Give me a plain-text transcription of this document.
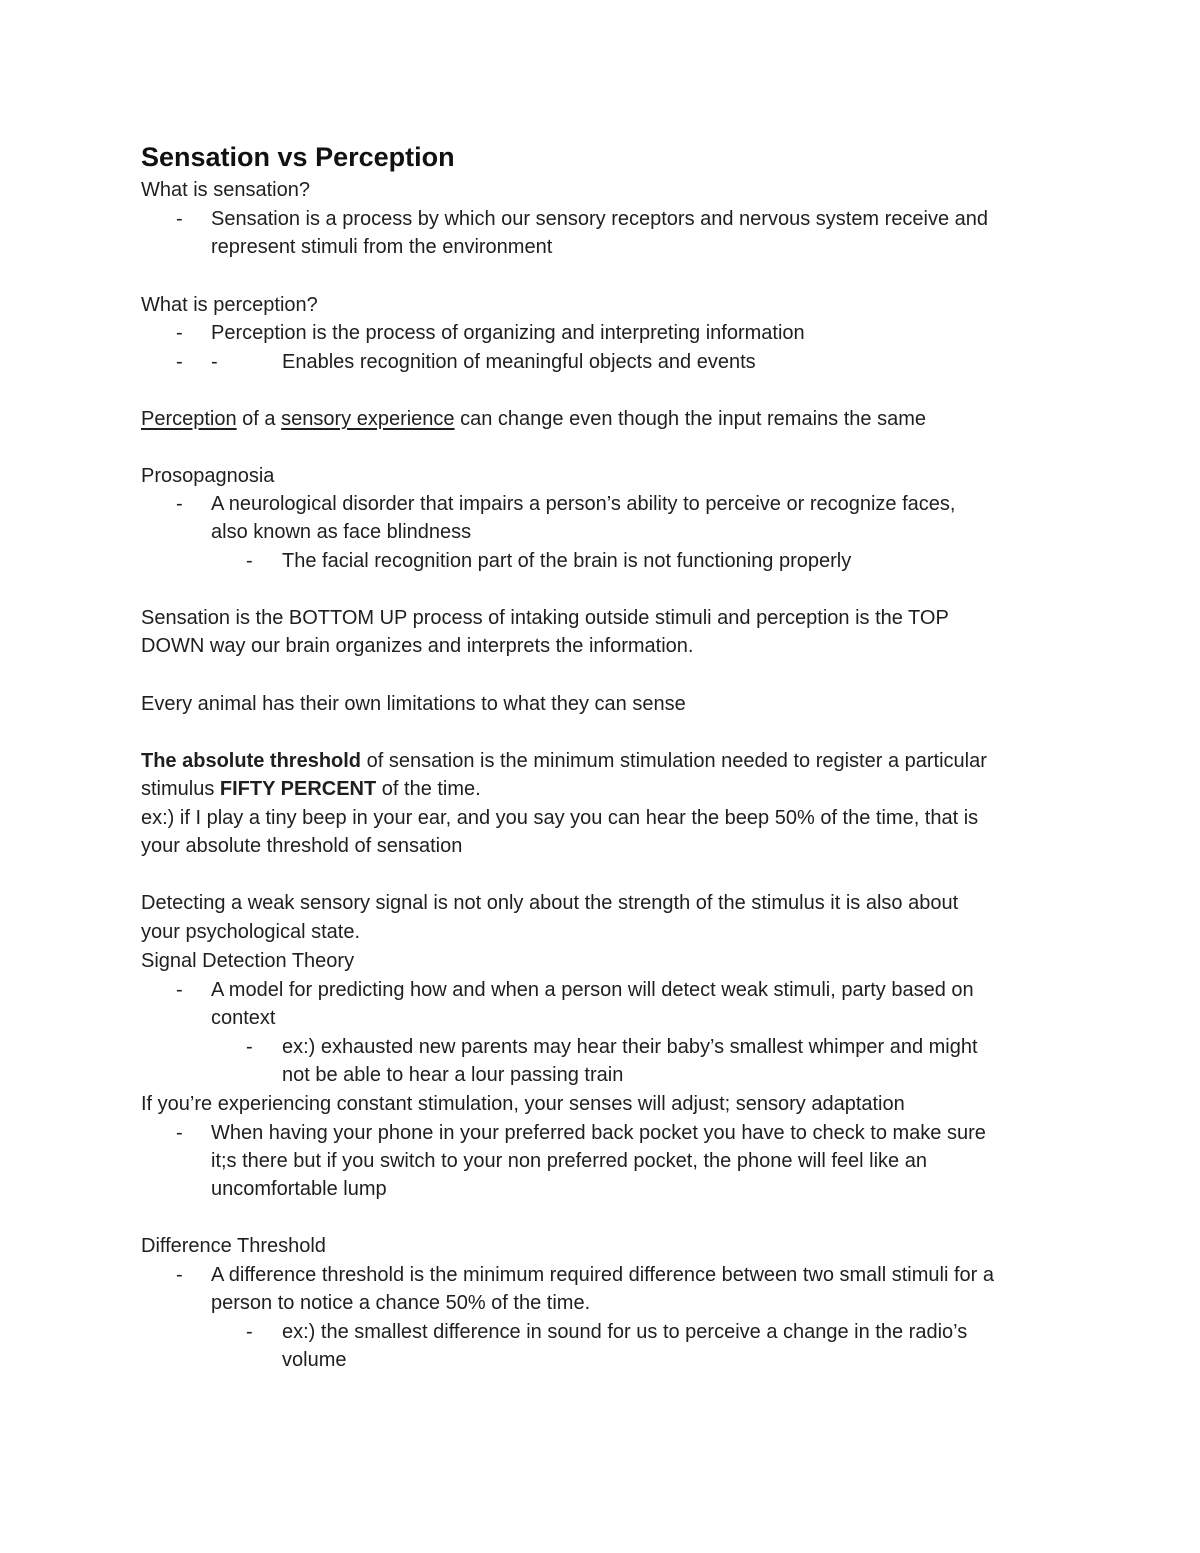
Sensation vs Perception
What is sensation?
- Sensation is a process by which our sensory receptors and nervous system receive and
represent stimuli from the environment
What is perception?
- Perception is the process of organizing and interpreting information
- -	Enables recognition of meaningful objects and events
Perception of a sensory experience can change even though the input remains the same
Prosopagnosia
- A neurological disorder that impairs a person’s ability to perceive or recognize faces,
also known as face blindness
- The facial recognition part of the brain is not functioning properly
Sensation is the BOTTOM UP process of intaking outside stimuli and perception is the TOP
DOWN way our brain organizes and interprets the information.
Every animal has their own limitations to what they can sense
The absolute threshold of sensation is the minimum stimulation needed to register a particular
stimulus FIFTY PERCENT of the time.
ex:) if I play a tiny beep in your ear, and you say you can hear the beep 50% of the time, that is
your absolute threshold of sensation
Detecting a weak sensory signal is not only about the strength of the stimulus it is also about
your psychological state.
Signal Detection Theory
- A model for predicting how and when a person will detect weak stimuli, party based on
context
- ex:) exhausted new parents may hear their baby’s smallest whimper and might
not be able to hear a lour passing train
If you’re experiencing constant stimulation, your senses will adjust; sensory adaptation
- When having your phone in your preferred back pocket you have to check to make sure
it;s there but if you switch to your non preferred pocket, the phone will feel like an
uncomfortable lump
Difference Threshold
- A difference threshold is the minimum required difference between two small stimuli for a
person to notice a chance 50% of the time.
- ex:) the smallest difference in sound for us to perceive a change in the radio’s
volume
